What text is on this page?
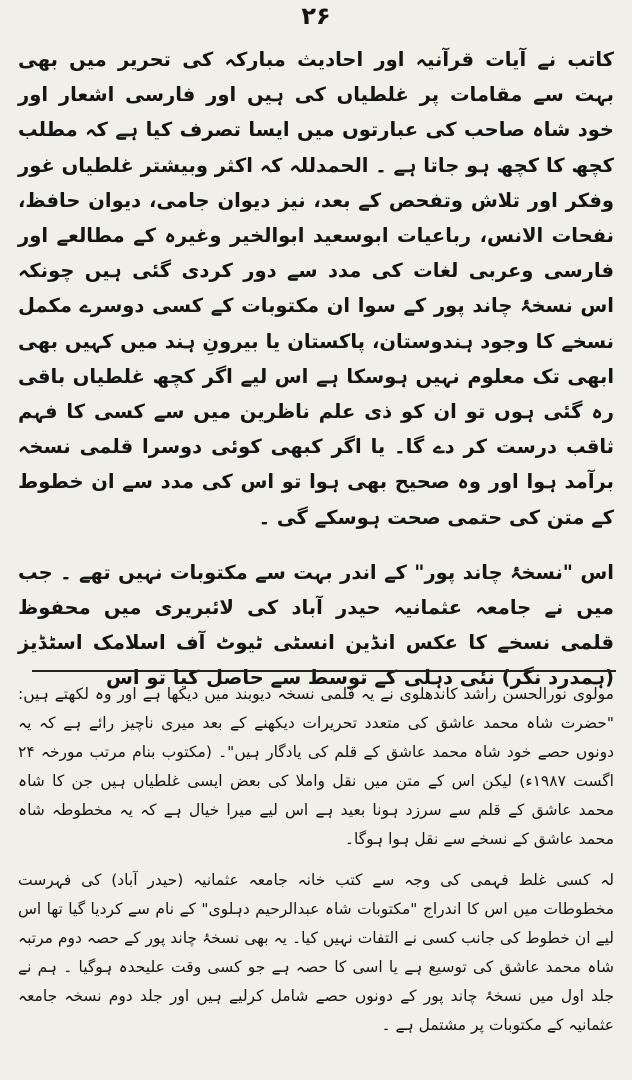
۲۶

کاتب نے آیات قرآنیہ اور احادیث مبارکہ کی تحریر میں بھی بہت سے مقامات پر غلطیاں کی ہیں اور فارسی اشعار اور خود شاہ صاحب کی عبارتوں میں ایسا تصرف کیا ہے کہ مطلب کچھ کا کچھ ہو جاتا ہے ۔ الحمدللہ کہ اکثر وبیشتر غلطیاں غور وفکر اور تلاش وتفحص کے بعد، نیز دیوان جامی، دیوان حافظ، نفحات الانس، رباعیات ابوسعید ابوالخیر وغیرہ کے مطالعے اور فارسی وعربی لغات کی مدد سے دور کردی گئی ہیں چونکہ اس نسخۂ چاند پور کے سوا ان مکتوبات کے کسی دوسرے مکمل نسخے کا وجود ہندوستان، پاکستان یا بیرونِ ہند میں کہیں بھی ابھی تک معلوم نہیں ہوسکا ہے اس لیے اگر کچھ غلطیاں باقی رہ گئی ہوں تو ان کو ذی علم ناظرین میں سے کسی کا فہم ثاقب درست کر دے گا۔ یا اگر کبھی کوئی دوسرا قلمی نسخہ برآمد ہوا اور وہ صحیح بھی ہوا تو اس کی مدد سے ان خطوط کے متن کی حتمی صحت ہوسکے گی ۔

اس "نسخۂ چاند پور" کے اندر بہت سے مکتوبات نہیں تھے ۔ جب میں نے جامعہ عثمانیہ حیدر آباد کی لائبریری میں محفوظ قلمی نسخے کا عکس انڈین انسٹی ٹیوٹ آف اسلامک اسٹڈیز (ہمدرد نگر) نئی دہلی کے توسط سے حاصل کیا تو اس

مولوی نورالحسن راشد کاندھلوی نے یہ قلمی نسخہ دیوبند میں دیکھا ہے اور وہ لکھتے ہیں: "حضرت شاہ محمد عاشق کی متعدد تحریرات دیکھنے کے بعد میری ناچیز رائے ہے کہ یہ دونوں حصے خود شاہ محمد عاشق کے قلم کی یادگار ہیں"۔ (مکتوب بنام مرتب مورخہ ۲۴ اگست ۱۹۸۷ء) لیکن اس کے متن میں نقل واملا کی بعض ایسی غلطیاں ہیں جن کا شاہ محمد عاشق کے قلم سے سرزد ہونا بعید ہے اس لیے میرا خیال ہے کہ یہ مخطوطہ شاہ محمد عاشق کے نسخے سے نقل ہوا ہوگا۔

لہ کسی غلط فہمی کی وجہ سے کتب خانہ جامعہ عثمانیہ (حیدر آباد) کی فہرست مخطوطات میں اس کا اندراج "مکتوبات شاہ عبدالرحیم دہلوی" کے نام سے کردیا گیا تھا اس لیے ان خطوط کی جانب کسی نے التفات نہیں کیا۔ یہ بھی نسخۂ چاند پور کے حصہ دوم مرتبہ شاہ محمد عاشق کی توسیع ہے یا اسی کا حصہ ہے جو کسی وقت علیحدہ ہوگیا ۔ ہم نے جلد اول میں نسخۂ چاند پور کے دونوں حصے شامل کرلیے ہیں اور جلد دوم نسخہ جامعہ عثمانیہ کے مکتوبات پر مشتمل ہے ۔
